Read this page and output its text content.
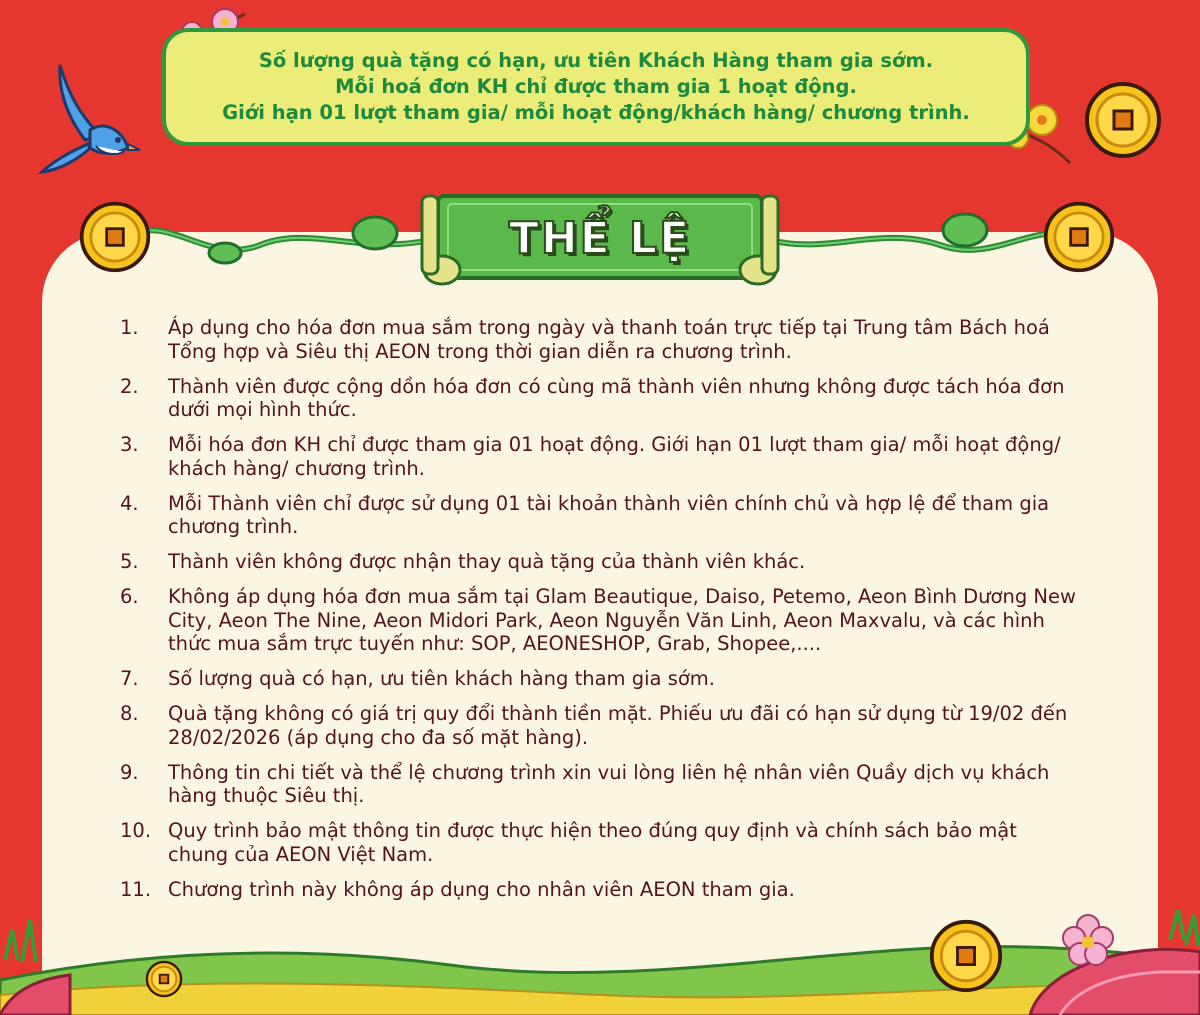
Số lượng quà tặng có hạn, ưu tiên Khách Hàng tham gia sớm.
Mỗi hoá đơn KH chỉ được tham gia 1 hoạt động.
Giới hạn 01 lượt tham gia/ mỗi hoạt động/khách hàng/ chương trình.
THỂ LỆ
1.	Áp dụng cho hóa đơn mua sắm trong ngày và thanh toán trực tiếp tại Trung tâm Bách hoá Tổng hợp và Siêu thị AEON trong thời gian diễn ra chương trình.
2.	Thành viên được cộng dồn hóa đơn có cùng mã thành viên nhưng không được tách hóa đơn dưới mọi hình thức.
3.	Mỗi hóa đơn KH chỉ được tham gia 01 hoạt động. Giới hạn 01 lượt tham gia/ mỗi hoạt động/ khách hàng/ chương trình.
4.	Mỗi Thành viên chỉ được sử dụng 01 tài khoản thành viên chính chủ và hợp lệ để tham gia chương trình.
5.	Thành viên không được nhận thay quà tặng của thành viên khác.
6.	Không áp dụng hóa đơn mua sắm tại Glam Beautique, Daiso, Petemo, Aeon Bình Dương New City, Aeon The Nine, Aeon Midori Park, Aeon Nguyễn Văn Linh, Aeon Maxvalu, và các hình thức mua sắm trực tuyến như: SOP, AEONESHOP, Grab, Shopee,....
7.	Số lượng quà có hạn, ưu tiên khách hàng tham gia sớm.
8.	Quà tặng không có giá trị quy đổi thành tiền mặt. Phiếu ưu đãi có hạn sử dụng từ 19/02 đến 28/02/2026 (áp dụng cho đa số mặt hàng).
9.	Thông tin chi tiết và thể lệ chương trình xin vui lòng liên hệ nhân viên Quầy dịch vụ khách hàng thuộc Siêu thị.
10. Quy trình bảo mật thông tin được thực hiện theo đúng quy định và chính sách bảo mật chung của AEON Việt Nam.
11. Chương trình này không áp dụng cho nhân viên AEON tham gia.
